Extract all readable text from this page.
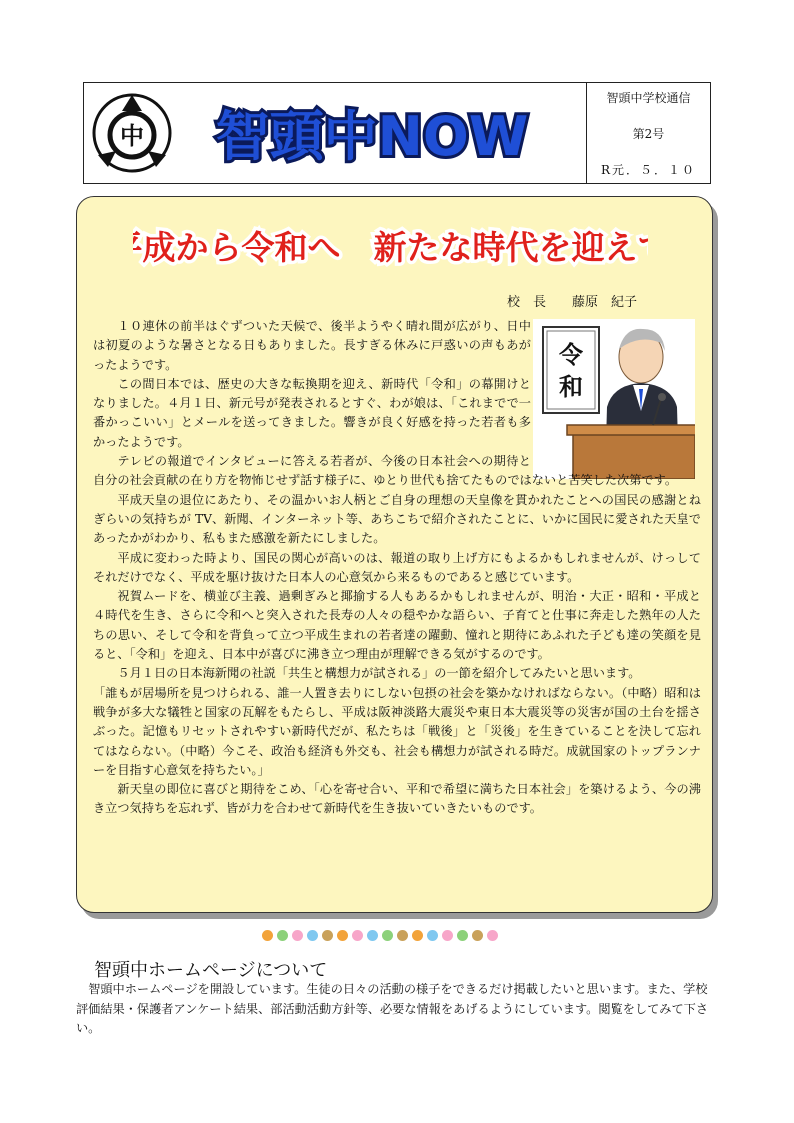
中 智頭中NOW
智頭中学校通信
第2号
R元．５．１０
平成から令和へ　新たな時代を迎えて
校　長　　藤原　紀子
令
和

１０連休の前半はぐずついた天候で、後半ようやく晴れ間が広がり、日中は初夏のような暑さとなる日もありました。長すぎる休みに戸惑いの声もあがったようです。

この間日本では、歴史の大きな転換期を迎え、新時代「令和」の幕開けとなりました。４月１日、新元号が発表されるとすぐ、わが娘は、「これまでで一番かっこいい」とメールを送ってきました。響きが良く好感を持った若者も多かったようです。

テレビの報道でインタビューに答える若者が、今後の日本社会への期待と自分の社会貢献の在り方を物怖じせず話す様子に、ゆとり世代も捨てたものではないと苦笑した次第です。

平成天皇の退位にあたり、その温かいお人柄とご自身の理想の天皇像を貫かれたことへの国民の感謝とねぎらいの気持ちが TV、新聞、インターネット等、あちこちで紹介されたことに、いかに国民に愛された天皇であったかがわかり、私もまた感激を新たにしました。

平成に変わった時より、国民の関心が高いのは、報道の取り上げ方にもよるかもしれませんが、けっしてそれだけでなく、平成を駆け抜けた日本人の心意気から来るものであると感じています。

祝賀ムードを、横並び主義、過剰ぎみと揶揄する人もあるかもしれませんが、明治・大正・昭和・平成と４時代を生き、さらに令和へと突入された長寿の人々の穏やかな語らい、子育てと仕事に奔走した熟年の人たちの思い、そして令和を背負って立つ平成生まれの若者達の躍動、憧れと期待にあふれた子ども達の笑顔を見ると、「令和」を迎え、日本中が喜びに沸き立つ理由が理解できる気がするのです。

５月１日の日本海新聞の社説「共生と構想力が試される」の一節を紹介してみたいと思います。

「誰もが居場所を見つけられる、誰一人置き去りにしない包摂の社会を築かなければならない。（中略）昭和は戦争が多大な犠牲と国家の瓦解をもたらし、平成は阪神淡路大震災や東日本大震災等の災害が国の土台を揺さぶった。記憶もリセットされやすい新時代だが、私たちは「戦後」と「災後」を生きていることを決して忘れてはならない。（中略）今こそ、政治も経済も外交も、社会も構想力が試される時だ。成就国家のトップランナーを目指す心意気を持ちたい。」

新天皇の即位に喜びと期待をこめ、「心を寄せ合い、平和で希望に満ちた日本社会」を築けるよう、今の沸き立つ気持ちを忘れず、皆が力を合わせて新時代を生き抜いていきたいものです。

智頭中ホームページについて

智頭中ホームページを開設しています。生徒の日々の活動の様子をできるだけ掲載したいと思います。また、学校評価結果・保護者アンケート結果、部活動活動方針等、必要な情報をあげるようにしています。閲覧をしてみて下さい。
